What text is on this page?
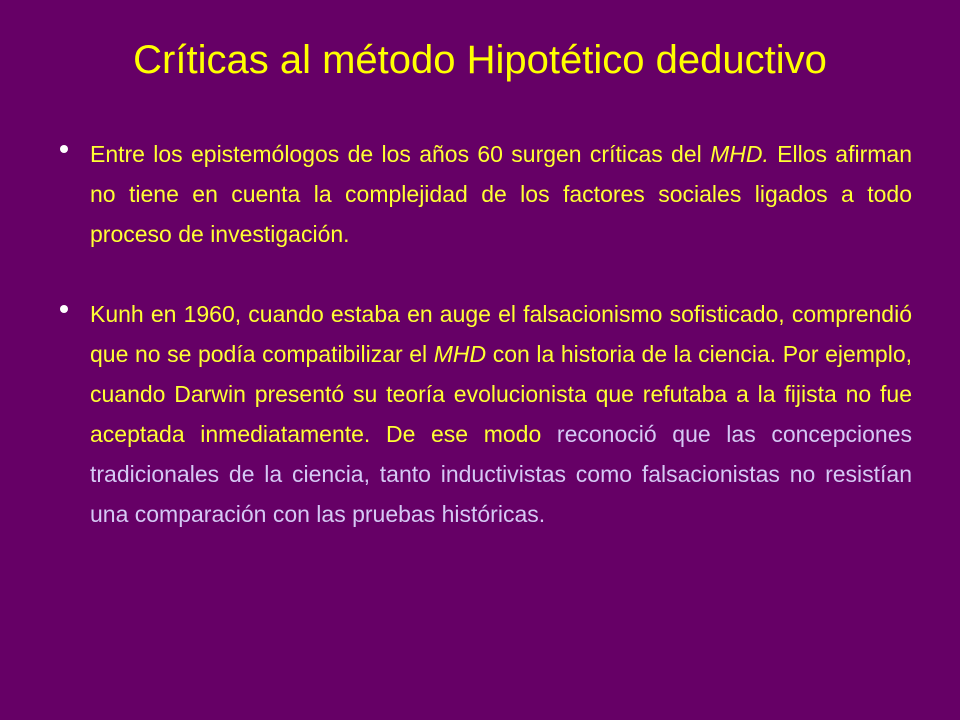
Críticas al método Hipotético deductivo
Entre los epistemólogos de los años 60 surgen críticas del MHD. Ellos afirman no tiene en cuenta la complejidad de los factores sociales ligados a todo proceso de investigación.
Kunh en 1960, cuando estaba en auge el falsacionismo sofisticado, comprendió que no se podía compatibilizar el MHD con la historia de la ciencia. Por ejemplo, cuando Darwin presentó su teoría evolucionista que refutaba a la fijista no fue aceptada inmediatamente. De ese modo reconoció que las concepciones tradicionales de la ciencia, tanto inductivistas como falsacionistas no resistían una comparación con las pruebas históricas.
